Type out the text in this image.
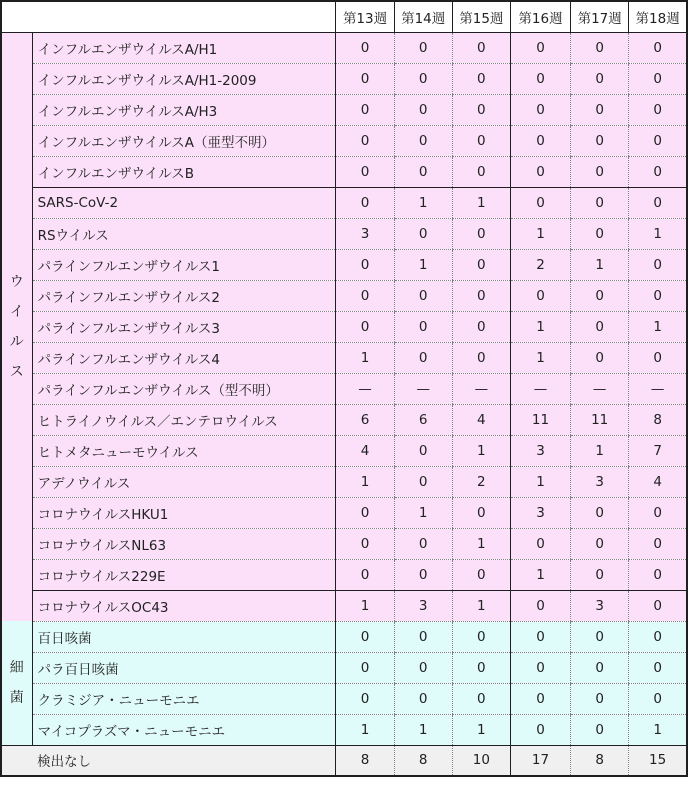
		第13週	第14週	第15週	第16週	第17週	第18週

ウ
イ
ル
ス	インフルエンザウイルスA/H1	0	0	0	0	0	0
	インフルエンザウイルスA/H1-2009	0	0	0	0	0	0
	インフルエンザウイルスA/H3	0	0	0	0	0	0
	インフルエンザウイルスA（亜型不明）	0	0	0	0	0	0
	インフルエンザウイルスB	0	0	0	0	0	0
	SARS-CoV-2	0	1	1	0	0	0
	RSウイルス	3	0	0	1	0	1
	パラインフルエンザウイルス1	0	1	0	2	1	0
	パラインフルエンザウイルス2	0	0	0	0	0	0
	パラインフルエンザウイルス3	0	0	0	1	0	1
	パラインフルエンザウイルス4	1	0	0	1	0	0
	パラインフルエンザウイルス（型不明）	—	—	—	—	—	—
	ヒトライノウイルス／エンテロウイルス	6	6	4	11	11	8
	ヒトメタニューモウイルス	4	0	1	3	1	7
	アデノウイルス	1	0	2	1	3	4
	コロナウイルスHKU1	0	1	0	3	0	0
	コロナウイルスNL63	0	0	1	0	0	0
	コロナウイルス229E	0	0	0	1	0	0
	コロナウイルスOC43	1	3	1	0	3	0

細
菌	百日咳菌	0	0	0	0	0	0
	パラ百日咳菌	0	0	0	0	0	0
	クラミジア・ニューモニエ	0	0	0	0	0	0
	マイコプラズマ・ニューモニエ	1	1	1	0	0	1
	検出なし	8	8	10	17	8	15
